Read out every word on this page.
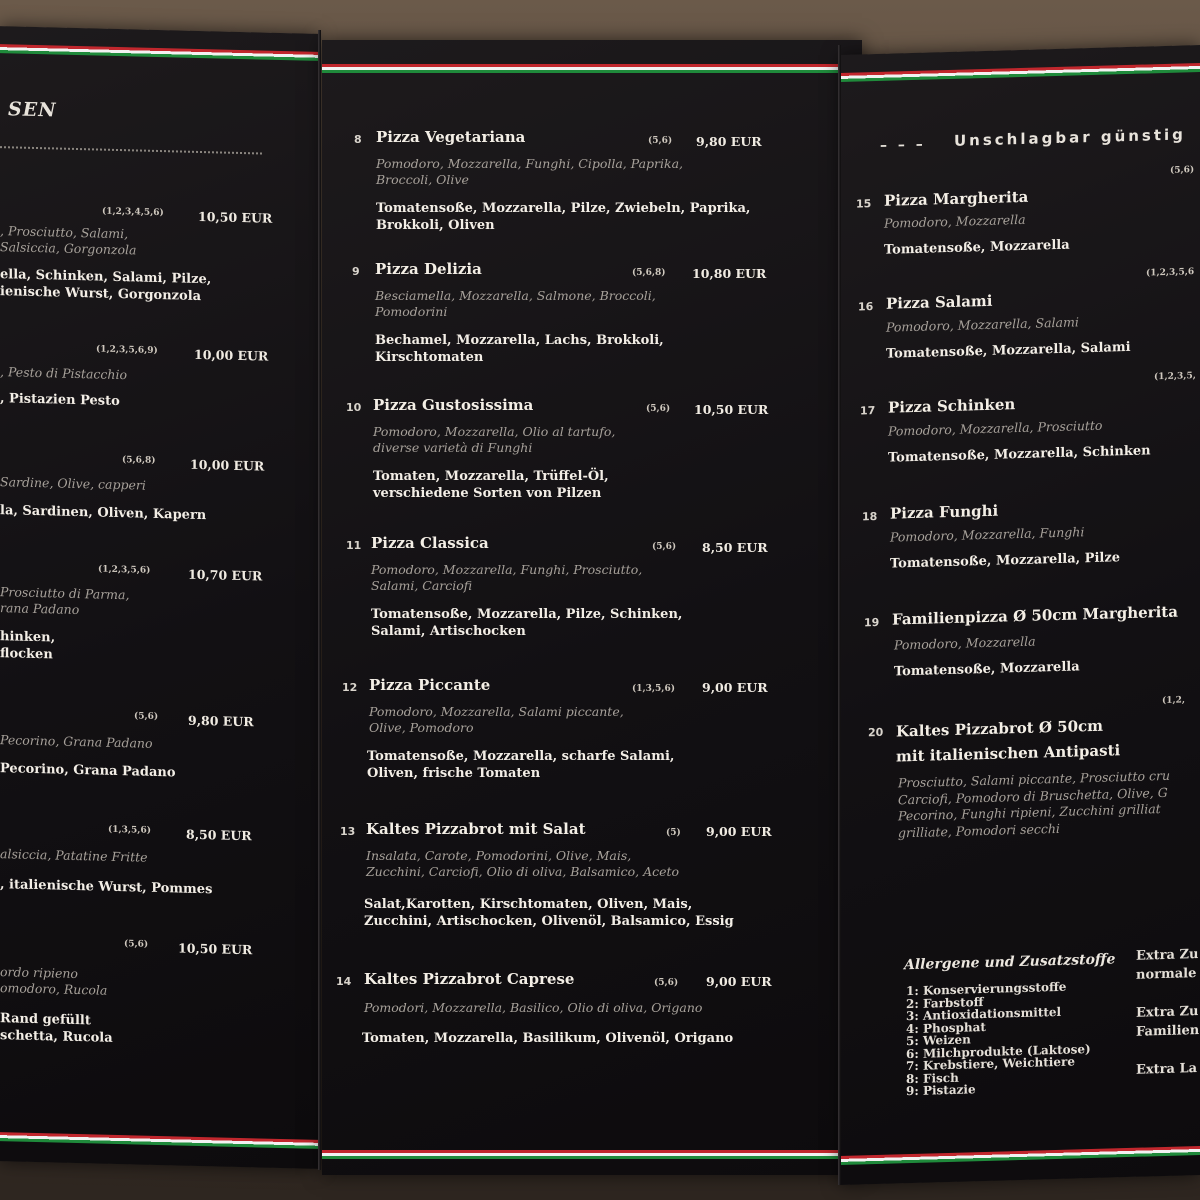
SEN
(1,2,3,4,5,6)	10,50 EUR
, Prosciutto, Salami,
Salsiccia, Gorgonzola
ella, Schinken, Salami, Pilze,
ienische Wurst, Gorgonzola
(1,2,3,5,6,9)	10,00 EUR
, Pesto di Pistacchio
, Pistazien Pesto
(5,6,8)	10,00 EUR
Sardine, Olive, capperi
la, Sardinen, Oliven, Kapern
(1,2,3,5,6)	10,70 EUR
Prosciutto di Parma,
rana Padano
hinken,
flocken
(5,6) 9,80 EUR
Pecorino, Grana Padano
Pecorino, Grana Padano
(1,3,5,6)	8,50 EUR
alsiccia, Patatine Fritte
, italienische Wurst, Pommes
(5,6) 10,50 EUR
ordo ripieno
omodoro, Rucola
Rand gefüllt
schetta, Rucola
8 Pizza Vegetariana	(5,6) 9,80 EUR
Pomodoro, Mozzarella, Funghi, Cipolla, Paprika,
Broccoli, Olive
Tomatensoße, Mozzarella, Pilze, Zwiebeln, Paprika,
Brokkoli, Oliven
9 Pizza Delizia	(5,6,8) 10,80 EUR
Besciamella, Mozzarella, Salmone, Broccoli,
Pomodorini
Bechamel, Mozzarella, Lachs, Brokkoli,
Kirschtomaten
10 Pizza Gustosissima	(5,6) 10,50 EUR
Pomodoro, Mozzarella, Olio al tartufo,
diverse varietà di Funghi
Tomaten, Mozzarella, Trüffel-Öl,
verschiedene Sorten von Pilzen
11 Pizza Classica	(5,6) 8,50 EUR
Pomodoro, Mozzarella, Funghi, Prosciutto,
Salami, Carciofi
Tomatensoße, Mozzarella, Pilze, Schinken,
Salami, Artischocken
12 Pizza Piccante	(1,3,5,6) 9,00 EUR
Pomodoro, Mozzarella, Salami piccante,
Olive, Pomodoro
Tomatensoße, Mozzarella, scharfe Salami,
Oliven, frische Tomaten
13 Kaltes Pizzabrot mit Salat	(5) 9,00 EUR
Insalata, Carote, Pomodorini, Olive, Mais,
Zucchini, Carciofi, Olio di oliva, Balsamico, Aceto
Salat,Karotten, Kirschtomaten, Oliven, Mais,
Zucchini, Artischocken, Olivenöl, Balsamico, Essig
14 Kaltes Pizzabrot Caprese	(5,6) 9,00 EUR
Pomodori, Mozzarella, Basilico, Olio di oliva, Origano
Tomaten, Mozzarella, Basilikum, Olivenöl, Origano
– – – Unschlagbar günstig
15 Pizza Margherita
(5,6)
Pomodoro, Mozzarella
Tomatensoße, Mozzarella
16 Pizza Salami
(1,2,3,5,6
Pomodoro, Mozzarella, Salami
Tomatensoße, Mozzarella, Salami
17 Pizza Schinken
(1,2,3,5,
Pomodoro, Mozzarella, Prosciutto
Tomatensoße, Mozzarella, Schinken
18 Pizza Funghi
Pomodoro, Mozzarella, Funghi
Tomatensoße, Mozzarella, Pilze
19 Familienpizza Ø 50cm Margherita
Pomodoro, Mozzarella
Tomatensoße, Mozzarella
20 Kaltes Pizzabrot Ø 50cm
mit italienischen Antipasti
(1,2,
Prosciutto, Salami piccante, Prosciutto cru
Carciofi, Pomodoro di Bruschetta, Olive, G
Pecorino, Funghi ripieni, Zucchini grilliat
grilliate, Pomodori secchi
Allergene und Zusatzstoffe
1: Konservierungsstoffe
2: Farbstoff
3: Antioxidationsmittel
4: Phosphat
5: Weizen
6: Milchprodukte (Laktose)
7: Krebstiere, Weichtiere
8: Fisch
9: Pistazie
Extra Zu
normale

Extra Zu
Familien

Extra La
